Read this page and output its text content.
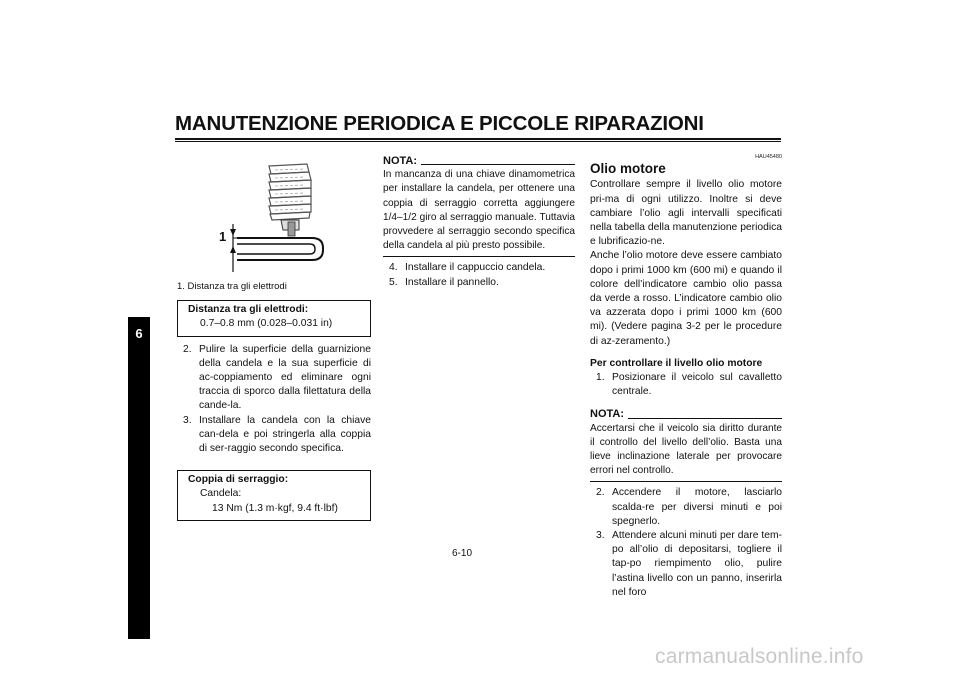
MANUTENZIONE PERIODICA E PICCOLE RIPARAZIONI
6
1
1. Distanza tra gli elettrodi
Distanza tra gli elettrodi:
0.7–0.8 mm (0.028–0.031 in)
2. Pulire la superficie della guarnizione della candela e la sua superficie di ac-coppiamento ed eliminare ogni traccia di sporco dalla filettatura della cande-la.
3. Installare la candela con la chiave can-dela e poi stringerla alla coppia di ser-raggio secondo specifica.
Coppia di serraggio:
Candela:
13 Nm (1.3 m·kgf, 9.4 ft·lbf)
NOTA:
In mancanza di una chiave dinamometrica per installare la candela, per ottenere una coppia di serraggio corretta aggiungere 1/4–1/2 giro al serraggio manuale. Tuttavia provvedere al serraggio secondo specifica della candela al più presto possibile.
4. Installare il cappuccio candela.
5. Installare il pannello.
HAU45480
Olio motore
Controllare sempre il livello olio motore pri-ma di ogni utilizzo. Inoltre si deve cambiare l’olio agli intervalli specificati nella tabella della manutenzione periodica e lubrificazio-ne.
Anche l’olio motore deve essere cambiato dopo i primi 1000 km (600 mi) e quando il colore dell’indicatore cambio olio passa da verde a rosso. L’indicatore cambio olio va azzerata dopo i primi 1000 km (600 mi). (Vedere pagina 3-2 per le procedure di az-zeramento.)
Per controllare il livello olio motore
1. Posizionare il veicolo sul cavalletto centrale.
NOTA:
Accertarsi che il veicolo sia diritto durante il controllo del livello dell’olio. Basta una lieve inclinazione laterale per provocare errori nel controllo.
2. Accendere il motore, lasciarlo scalda-re per diversi minuti e poi spegnerlo.
3. Attendere alcuni minuti per dare tem-po all’olio di depositarsi, togliere il tap-po riempimento olio, pulire l’astina livello con un panno, inserirla nel foro
6-10
carmanualsonline.info
